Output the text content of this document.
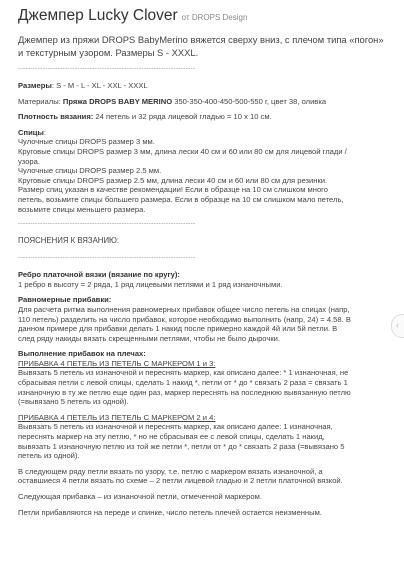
Джемпер Lucky Clover от DROPS Design

Джемпер из пряжи DROPS BabyMerino вяжется сверху вниз, с плечом типа «погон» и текстурным узором. Размеры S - XXXL.

------------------------------------------------------------------------

Размеры: S - M - L - XL - XXL - XXXL

Материалы: Пряжа DROPS BABY MERINO 350-350-400-450-500-550 г, цвет 38, оливка

Плотность вязания: 24 петель и 32 ряда лицевой гладью = 10 х 10 см.

Спицы:

Чулочные спицы DROPS размер 3 мм.

Круговые спицы DROPS размер 3 мм, длина лески 40 см и 60 или 80 см для лицевой глади /

узора.

Чулочные спицы DROPS размер 2.5 мм.

Круговые спицы DROPS размер 2.5 мм, длина лески 40 см и 60 или 80 см для резинки.

Размер спиц указан в качестве рекомендации! Если в образце на 10 см слишком много

петель, возьмите спицы большего размера. Если в образце на 10 см слишком мало петель,

возьмите спицы меньшего размера.

------------------------------------------------------------------------

ПОЯСНЕНИЯ К ВЯЗАНИЮ:

------------------------------------------------------------------------

Ребро платочной вязки (вязание по кругу):

1 ребро в высоту = 2 ряда, 1 ряд лицевыми петлями и 1 ряд изнаночными.

Равномерные прибавки:

Для расчета ритма выполнения равномерных прибавок общее число петель на спицах (напр,

110 петель) разделить на число прибавок, которое необходимо выполнить (напр, 24) = 4.58. В

данном примере для прибавки делать 1 накид после примерно каждой 4й или 5й петли. В

след ряду накиды вязать скрещенными петлями, чтобы не было дырочки.

Выполнение прибавок на плечах:

ПРИБАВКА 4 ПЕТЕЛЬ ИЗ ПЕТЕЛЬ С МАРКЕРОМ 1 и 3:

Вывязать 5 петель из изнаночной и переснять маркер, как описано далее: * 1 изнаночная, не

сбрасывая петли с левой спицы, сделать 1 накид *, петли от * до * связать 2 раза = связать 1

изнаночную в ту же петлю еще один раз, маркер переснять на последнюю вывязанную петлю

(=вывязано 5 петель из одной).

ПРИБАВКА 4 ПЕТЕЛЬ ИЗ ПЕТЕЛЬ С МАРКЕРОМ 2 и 4:

Вывязать 5 петель из изнаночной и переснять маркер, как описано далее: 1 изнаночная,

переснять маркер на эту петлю, * но не сбрасывая ее с левой спицы, сделать 1 накид,

вывязать 1 изнаночную петлю из той же петли *, петли от * до * связать 2 раза (=вывязано 5

петель из одной).

В следующем ряду петли вязать по узору, т.е. петлю с маркером вязать изнаночной, а

оставшиеся 4 петли вязать по схеме – 2 петли лицевой гладью и 2 петли платочной вязкой.

Следующая прибавка – из изнаночной петли, отмеченной маркером.

Петли прибавляются на переде и спинке, число петель плечей остается неизменным.

‹
